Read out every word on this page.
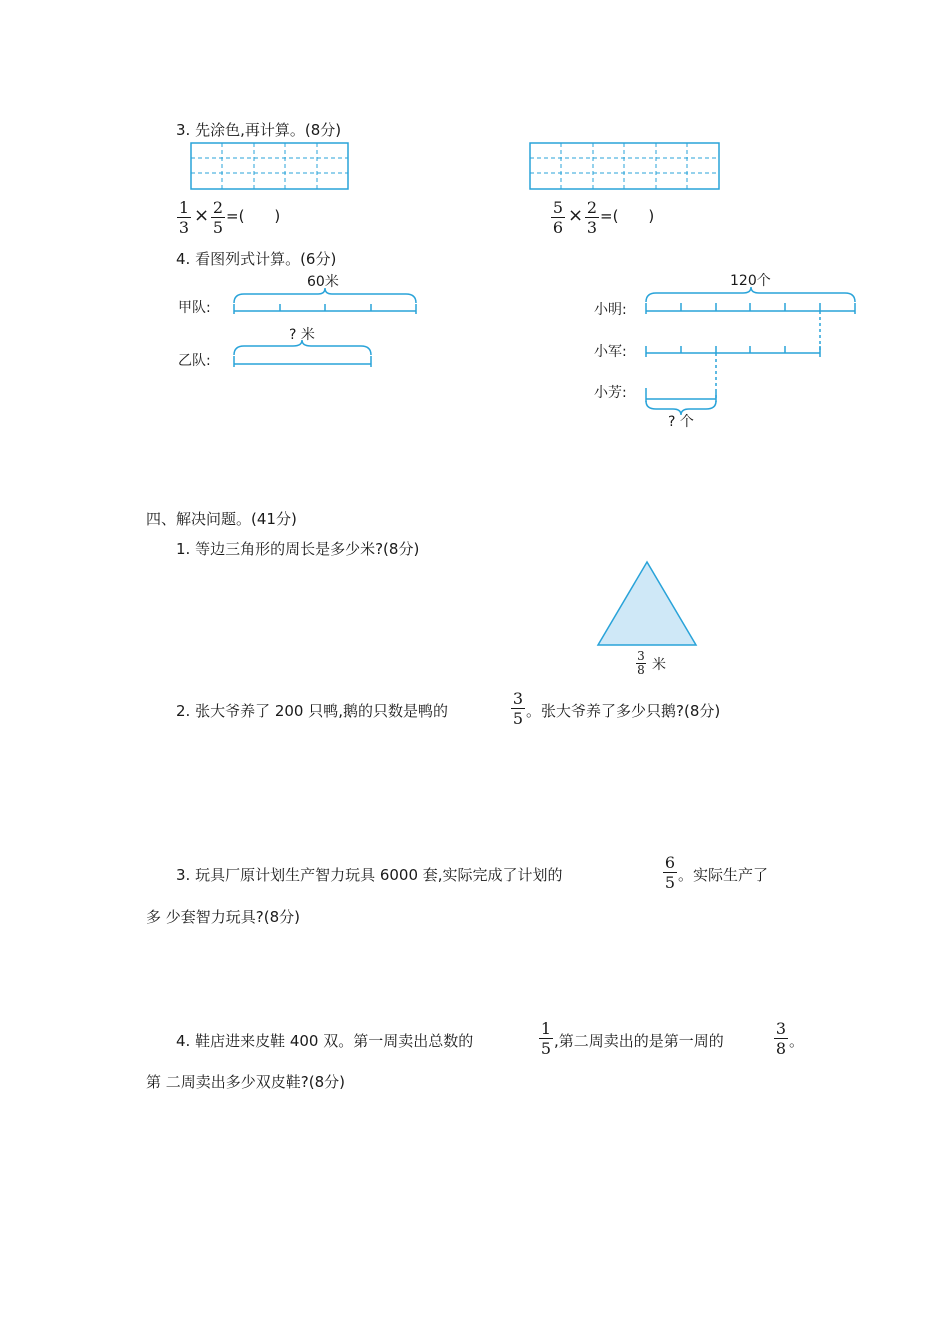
3. 先涂色,再计算。(8分)
1
3
× 2
5
=(　　)	5
6
× 2
3
=(　　)
4. 看图列式计算。(6分)
60米
甲队:
? 米
乙队:
120个
小明:
小军:
小芳:
? 个
四、解决问题。(41分)
1. 等边三角形的周长是多少米?(8分)
3
8 米
2. 张大爷养了 200 只鸭,鹅的只数是鸭的
3
5 。张大爷养了多少只鹅?(8分)
3. 玩具厂原计划生产智力玩具 6000 套,实际完成了计划的
6
5 。实际生产了
多 少套智力玩具?(8分)
4. 鞋店进来皮鞋 400 双。第一周卖出总数的
1
5 ,第二周卖出的是第一周的
3
8 。
第 二周卖出多少双皮鞋?(8分)
